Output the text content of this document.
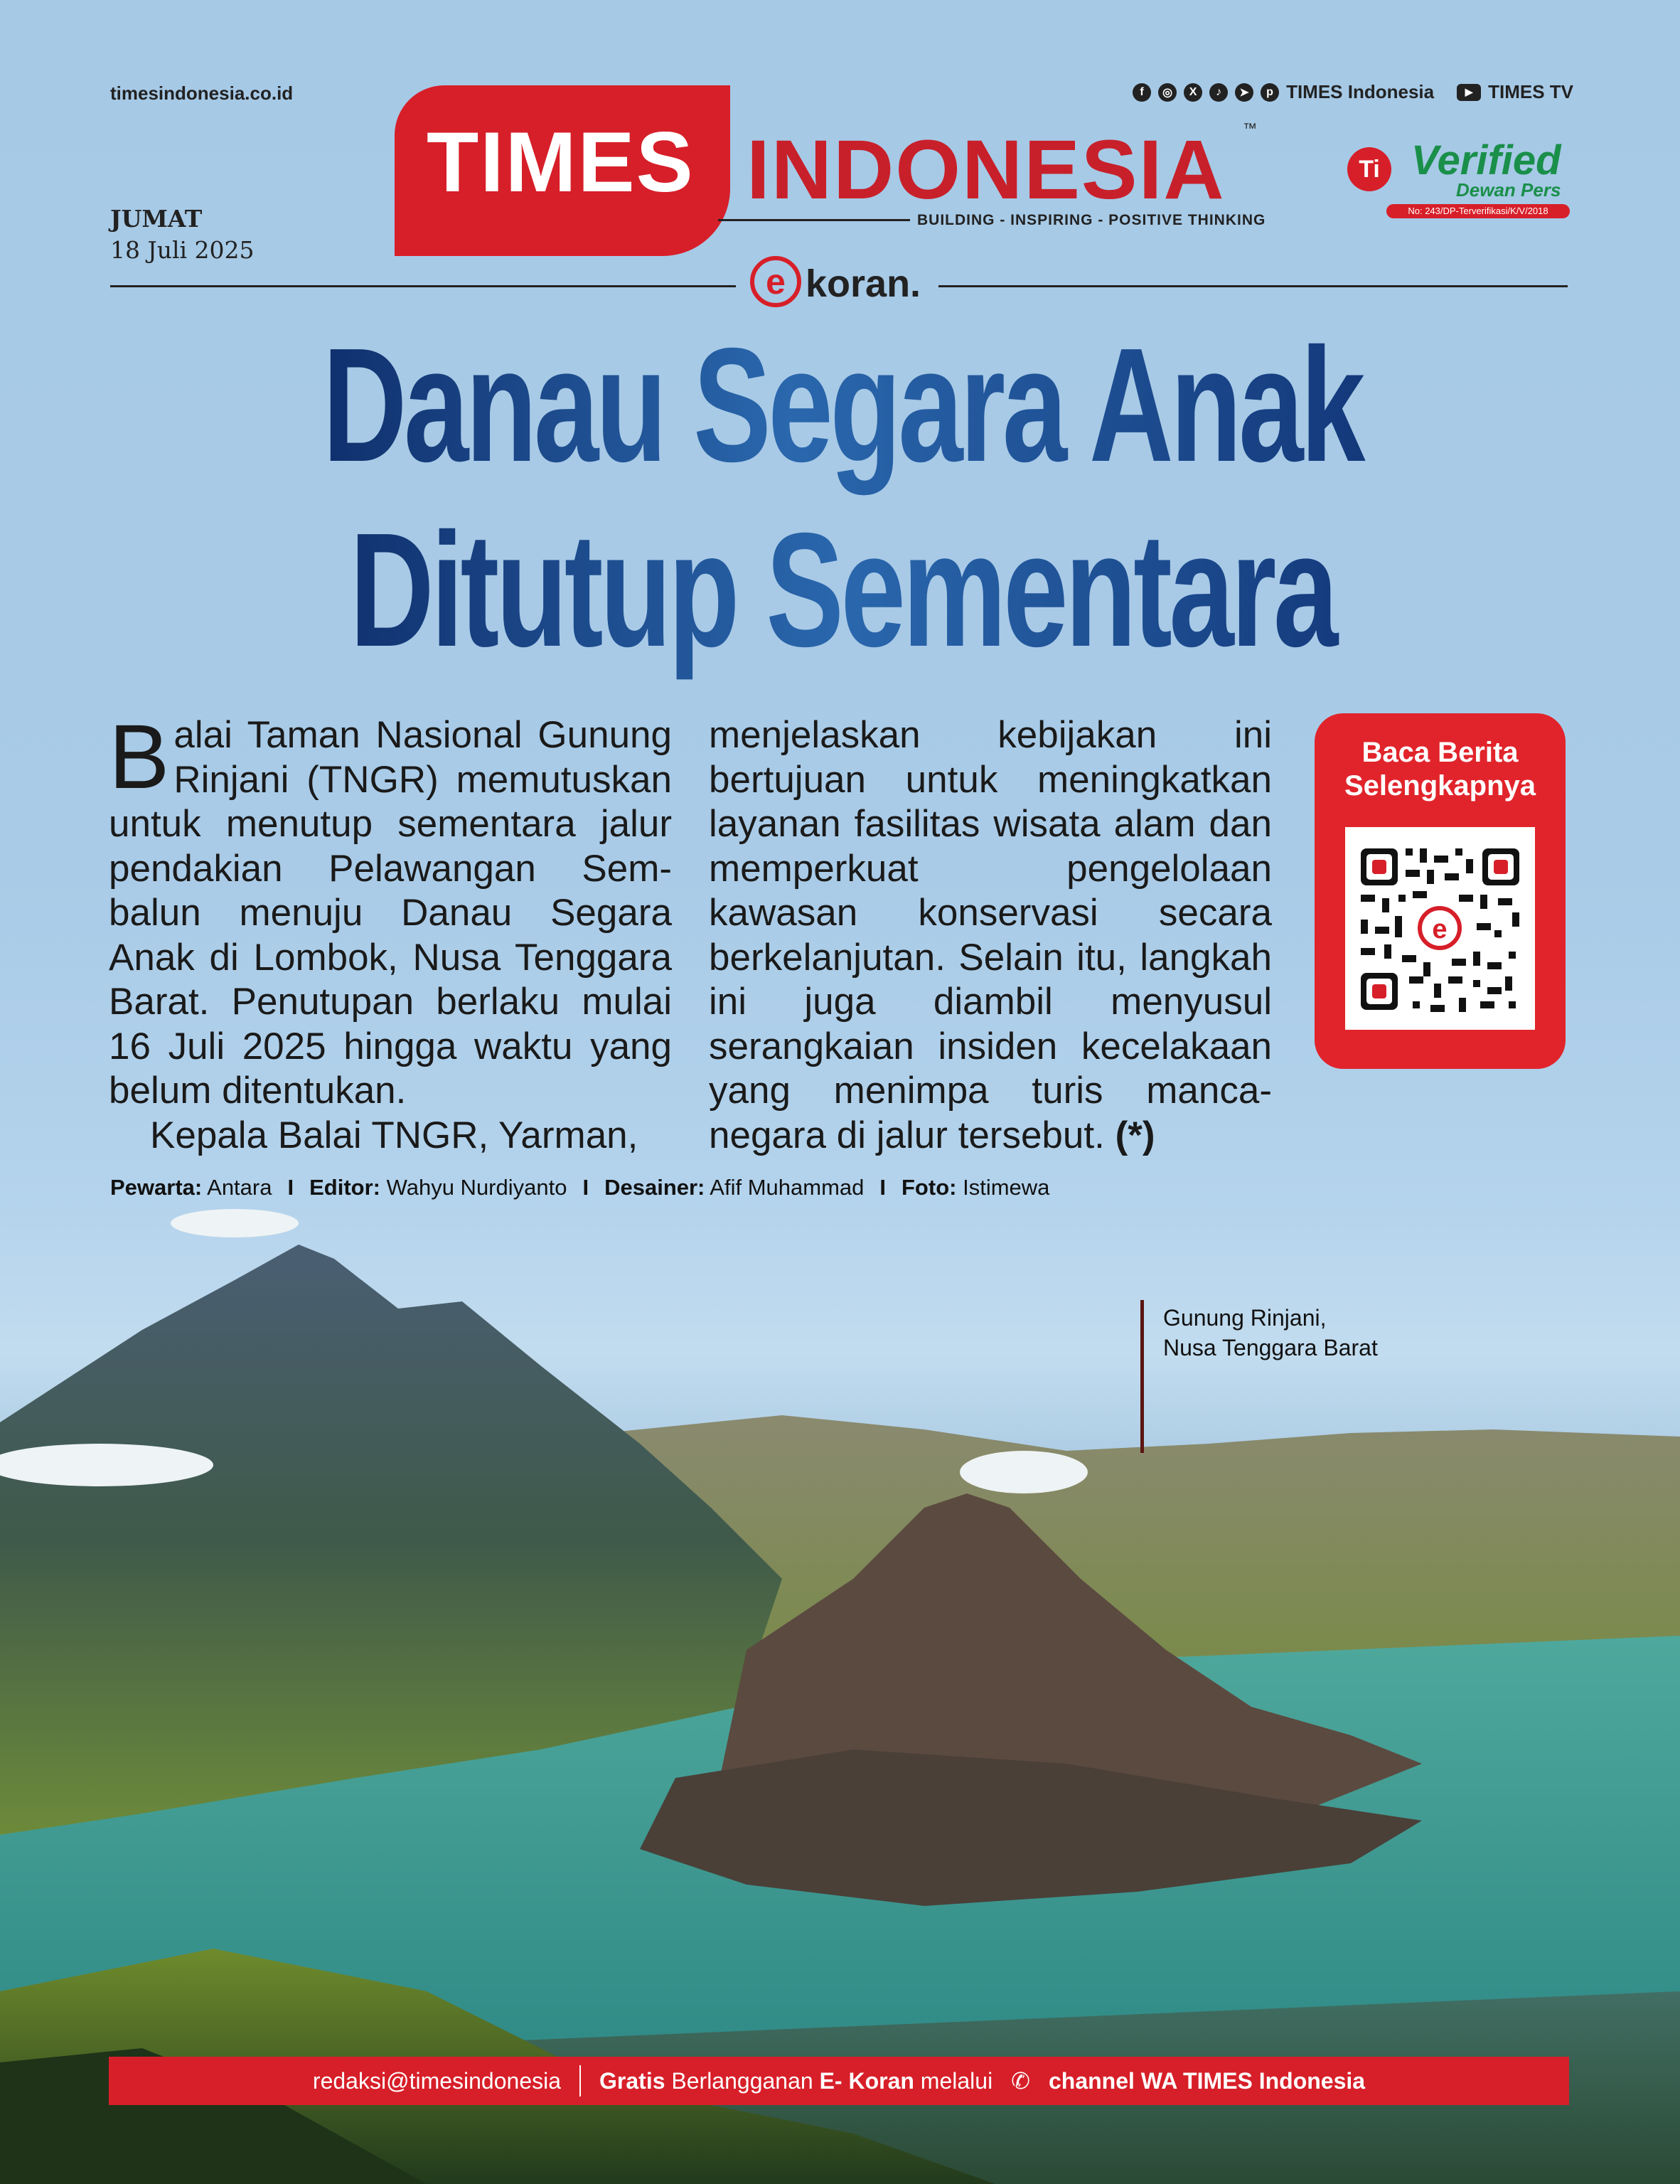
timesindonesia.co.id	f	◎	X	♪	➤	p TIMES Indonesia	▶ TIMES TV
TIMES INDONESIA ™
BUILDING - INSPIRING - POSITIVE THINKING
Ti Verified
Dewan Pers
No: 243/DP-Terverifikasi/K/V/2018
JUMAT
18 Juli 2025
e koran.
Danau Segara Anak
Ditutup Sementara
Balai Taman Nasional Gunung Rinjani (TNGR) memutuskan untuk menutup sementara jalur pendakian Pelawangan Sem-balun menuju Danau Segara Anak di Lombok, Nusa Tenggara Barat. Penutupan berlaku mulai 16 Juli 2025 hingga waktu yang belum ditentukan.
Kepala Balai TNGR, Yarman,
menjelaskan kebijakan ini bertujuan untuk meningkatkan layanan fasilitas wisata alam dan memperkuat pengelolaan kawasan konservasi secara berkelanjutan. Selain itu, langkah ini juga diambil menyusul serangkaian insiden kecelakaan yang menimpa turis manca-negara di jalur tersebut. (*)
Baca Berita
Selengkapnya
e
Pewarta: Antara I Editor: Wahyu Nurdiyanto I Desainer: Afif Muhammad I Foto: Istimewa
Gunung Rinjani,
Nusa Tenggara Barat
redaksi@timesindonesia Gratis Berlangganan E- Koran melalui ✆ channel WA TIMES Indonesia
